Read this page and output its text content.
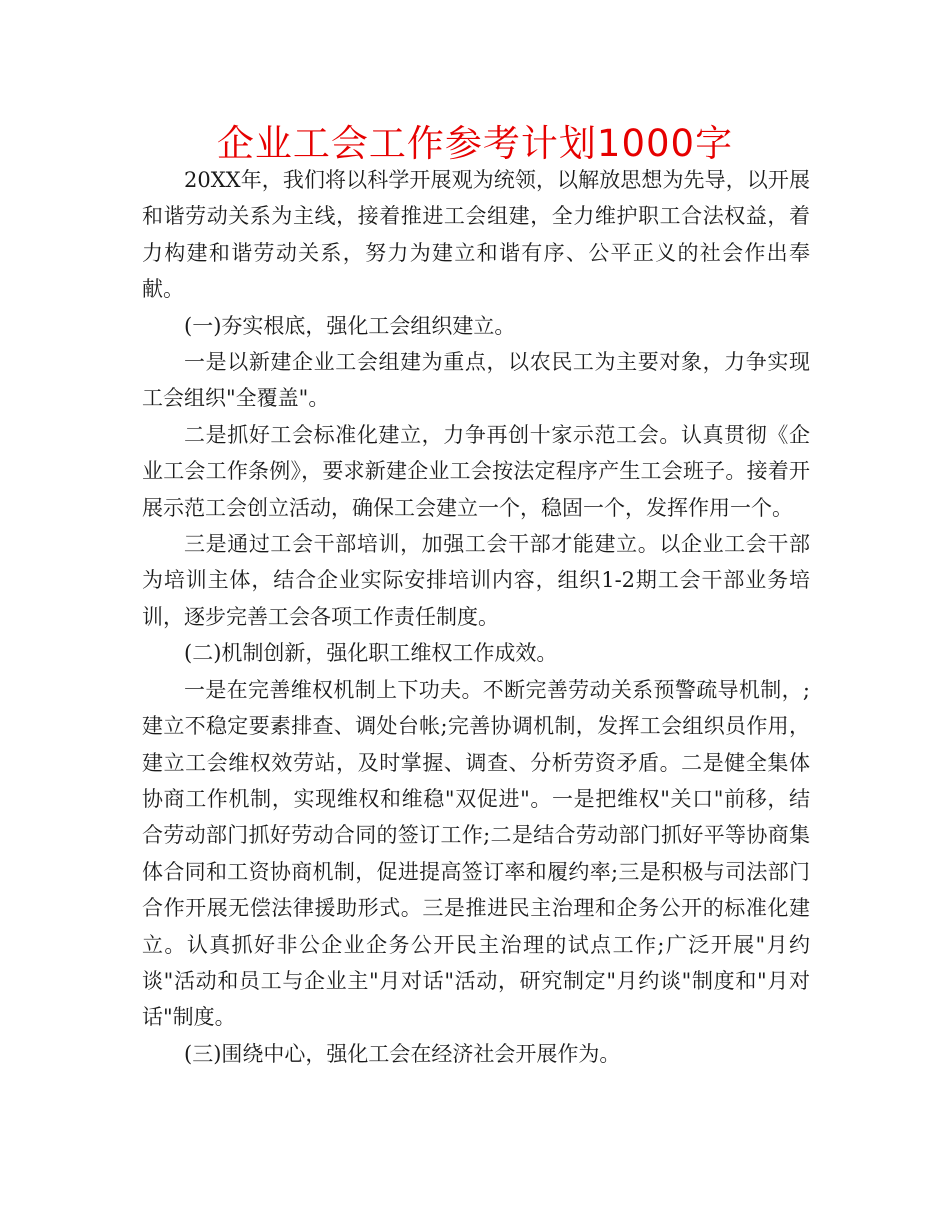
企业工会工作参考计划1000字

20XX年，我们将以科学开展观为统领，以解放思想为先导，以开展和谐劳动关系为主线，接着推进工会组建，全力维护职工合法权益，着力构建和谐劳动关系，努力为建立和谐有序、公平正义的社会作出奉献。

(一)夯实根底，强化工会组织建立。

一是以新建企业工会组建为重点，以农民工为主要对象，力争实现工会组织"全覆盖"。

二是抓好工会标准化建立，力争再创十家示范工会。认真贯彻《企业工会工作条例》，要求新建企业工会按法定程序产生工会班子。接着开展示范工会创立活动，确保工会建立一个，稳固一个，发挥作用一个。

三是通过工会干部培训，加强工会干部才能建立。以企业工会干部为培训主体，结合企业实际安排培训内容，组织1-2期工会干部业务培训，逐步完善工会各项工作责任制度。

(二)机制创新，强化职工维权工作成效。

一是在完善维权机制上下功夫。不断完善劳动关系预警疏导机制，;建立不稳定要素排查、调处台帐;完善协调机制，发挥工会组织员作用，建立工会维权效劳站，及时掌握、调查、分析劳资矛盾。二是健全集体协商工作机制，实现维权和维稳"双促进"。一是把维权"关口"前移，结合劳动部门抓好劳动合同的签订工作;二是结合劳动部门抓好平等协商集体合同和工资协商机制，促进提高签订率和履约率;三是积极与司法部门合作开展无偿法律援助形式。三是推进民主治理和企务公开的标准化建立。认真抓好非公企业企务公开民主治理的试点工作;广泛开展"月约谈"活动和员工与企业主"月对话"活动，研究制定"月约谈"制度和"月对话"制度。

(三)围绕中心，强化工会在经济社会开展作为。
